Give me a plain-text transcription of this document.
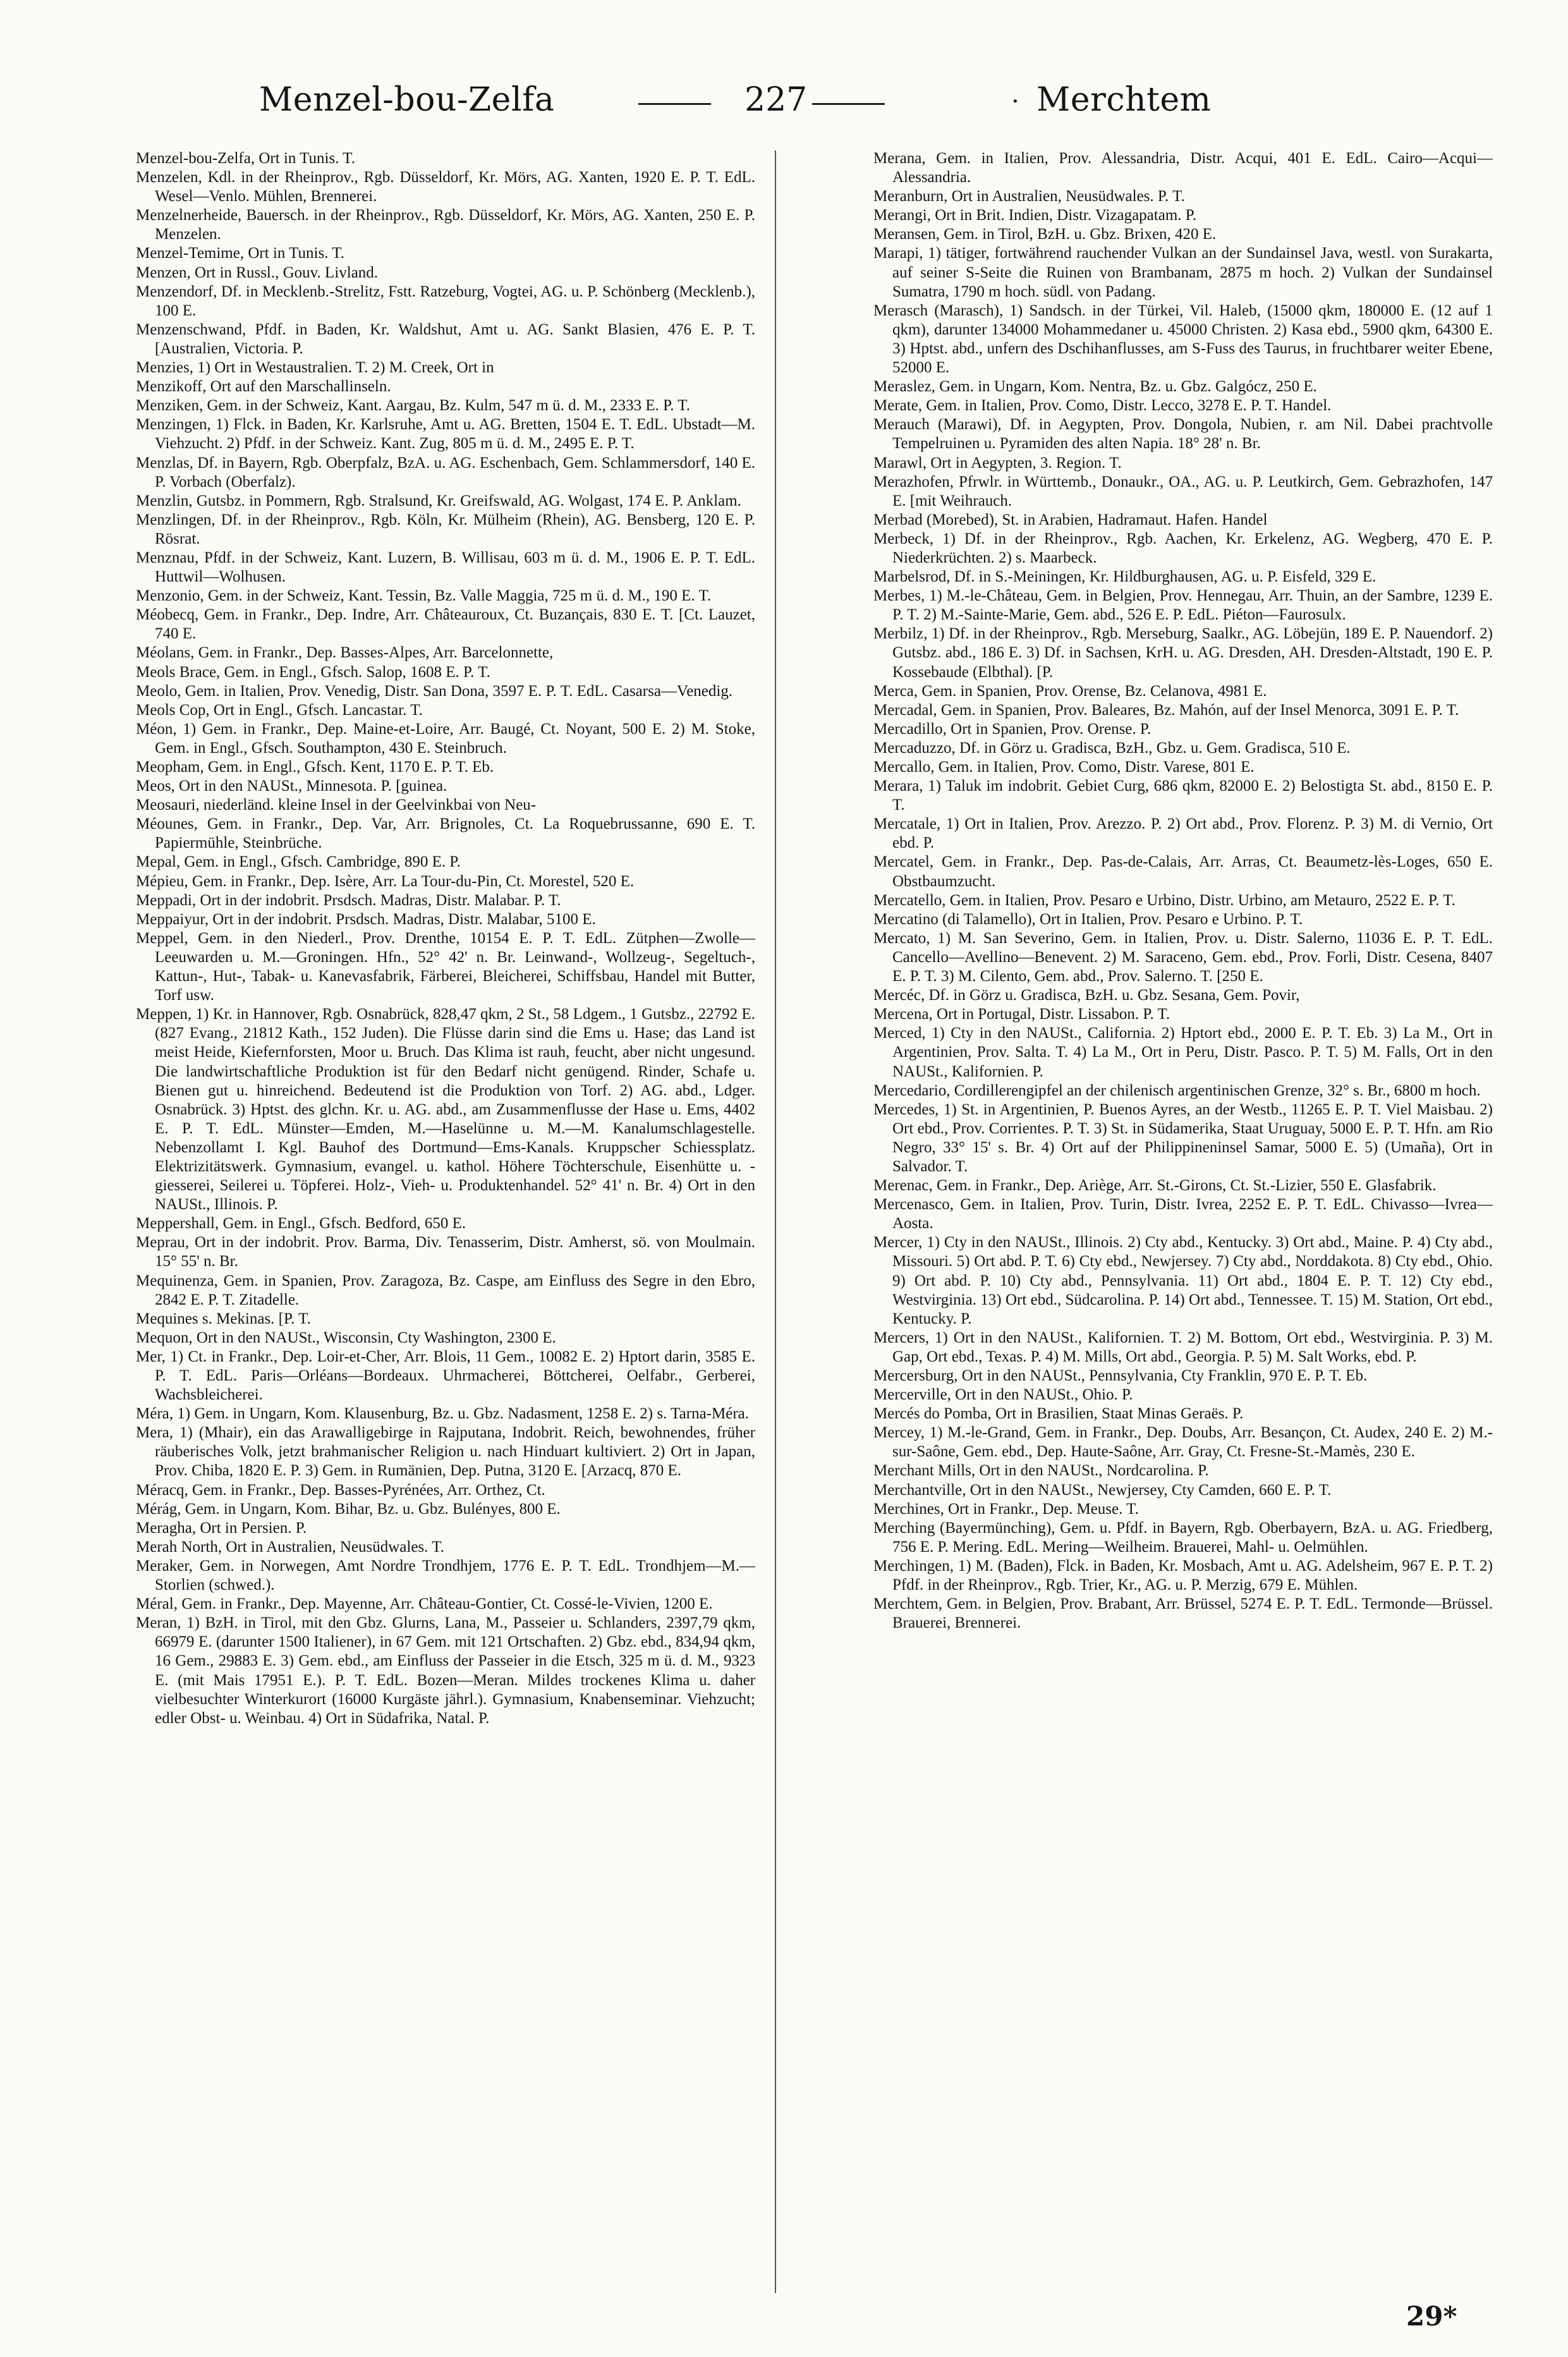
Menzel-bou-Zelfa	227	· Merchtem

Menzel-bou-Zelfa, Ort in Tunis. T.

Menzelen, Kdl. in der Rheinprov., Rgb. Düsseldorf, Kr. Mörs, AG. Xanten, 1920 E. P. T. EdL. Wesel—Venlo. Mühlen, Brennerei.

Menzelnerheide, Bauersch. in der Rheinprov., Rgb. Düsseldorf, Kr. Mörs, AG. Xanten, 250 E. P. Menzelen.

Menzel-Temime, Ort in Tunis. T.

Menzen, Ort in Russl., Gouv. Livland.

Menzendorf, Df. in Mecklenb.-Strelitz, Fstt. Ratzeburg, Vogtei, AG. u. P. Schönberg (Mecklenb.), 100 E.

Menzenschwand, Pfdf. in Baden, Kr. Waldshut, Amt u. AG. Sankt Blasien, 476 E. P. T. [Australien, Victoria. P.

Menzies, 1) Ort in Westaustralien. T. 2) M. Creek, Ort in

Menzikoff, Ort auf den Marschallinseln.

Menziken, Gem. in der Schweiz, Kant. Aargau, Bz. Kulm, 547 m ü. d. M., 2333 E. P. T.

Menzingen, 1) Flck. in Baden, Kr. Karlsruhe, Amt u. AG. Bretten, 1504 E. T. EdL. Ubstadt—M. Viehzucht. 2) Pfdf. in der Schweiz. Kant. Zug, 805 m ü. d. M., 2495 E. P. T.

Menzlas, Df. in Bayern, Rgb. Oberpfalz, BzA. u. AG. Eschenbach, Gem. Schlammersdorf, 140 E. P. Vorbach (Oberfalz).

Menzlin, Gutsbz. in Pommern, Rgb. Stralsund, Kr. Greifswald, AG. Wolgast, 174 E. P. Anklam.

Menzlingen, Df. in der Rheinprov., Rgb. Köln, Kr. Mülheim (Rhein), AG. Bensberg, 120 E. P. Rösrat.

Menznau, Pfdf. in der Schweiz, Kant. Luzern, B. Willisau, 603 m ü. d. M., 1906 E. P. T. EdL. Huttwil—Wolhusen.

Menzonio, Gem. in der Schweiz, Kant. Tessin, Bz. Valle Maggia, 725 m ü. d. M., 190 E. T.

Méobecq, Gem. in Frankr., Dep. Indre, Arr. Châteauroux, Ct. Buzançais, 830 E. T. [Ct. Lauzet, 740 E.

Méolans, Gem. in Frankr., Dep. Basses-Alpes, Arr. Barcelonnette,

Meols Brace, Gem. in Engl., Gfsch. Salop, 1608 E. P. T.

Meolo, Gem. in Italien, Prov. Venedig, Distr. San Dona, 3597 E. P. T. EdL. Casarsa—Venedig.

Meols Cop, Ort in Engl., Gfsch. Lancastar. T.

Méon, 1) Gem. in Frankr., Dep. Maine-et-Loire, Arr. Baugé, Ct. Noyant, 500 E. 2) M. Stoke, Gem. in Engl., Gfsch. Southampton, 430 E. Steinbruch.

Meopham, Gem. in Engl., Gfsch. Kent, 1170 E. P. T. Eb.

Meos, Ort in den NAUSt., Minnesota. P. [guinea.

Meosauri, niederländ. kleine Insel in der Geelvinkbai von Neu-

Méounes, Gem. in Frankr., Dep. Var, Arr. Brignoles, Ct. La Roquebrussanne, 690 E. T. Papiermühle, Steinbrüche.

Mepal, Gem. in Engl., Gfsch. Cambridge, 890 E. P.

Mépieu, Gem. in Frankr., Dep. Isère, Arr. La Tour-du-Pin, Ct. Morestel, 520 E.

Meppadi, Ort in der indobrit. Prsdsch. Madras, Distr. Malabar. P. T.

Meppaiyur, Ort in der indobrit. Prsdsch. Madras, Distr. Malabar, 5100 E.

Meppel, Gem. in den Niederl., Prov. Drenthe, 10154 E. P. T. EdL. Zütphen—Zwolle—Leeuwarden u. M.—Groningen. Hfn., 52° 42' n. Br. Leinwand-, Wollzeug-, Segeltuch-, Kattun-, Hut-, Tabak- u. Kanevasfabrik, Färberei, Bleicherei, Schiffsbau, Handel mit Butter, Torf usw.

Meppen, 1) Kr. in Hannover, Rgb. Osnabrück, 828,47 qkm, 2 St., 58 Ldgem., 1 Gutsbz., 22792 E. (827 Evang., 21812 Kath., 152 Juden). Die Flüsse darin sind die Ems u. Hase; das Land ist meist Heide, Kiefernforsten, Moor u. Bruch. Das Klima ist rauh, feucht, aber nicht ungesund. Die landwirtschaftliche Produktion ist für den Bedarf nicht genügend. Rinder, Schafe u. Bienen gut u. hinreichend. Bedeutend ist die Produktion von Torf. 2) AG. abd., Ldger. Osnabrück. 3) Hptst. des glchn. Kr. u. AG. abd., am Zusammenflusse der Hase u. Ems, 4402 E. P. T. EdL. Münster—Emden, M.—Haselünne u. M.—M. Kanalumschlagestelle. Nebenzollamt I. Kgl. Bauhof des Dortmund—Ems-Kanals. Kruppscher Schiessplatz. Elektrizitätswerk. Gymnasium, evangel. u. kathol. Höhere Töchterschule, Eisenhütte u. -giesserei, Seilerei u. Töpferei. Holz-, Vieh- u. Produktenhandel. 52° 41' n. Br. 4) Ort in den NAUSt., Illinois. P.

Meppershall, Gem. in Engl., Gfsch. Bedford, 650 E.

Meprau, Ort in der indobrit. Prov. Barma, Div. Tenasserim, Distr. Amherst, sö. von Moulmain. 15° 55' n. Br.

Mequinenza, Gem. in Spanien, Prov. Zaragoza, Bz. Caspe, am Einfluss des Segre in den Ebro, 2842 E. P. T. Zitadelle.

Mequines s. Mekinas. [P. T.

Mequon, Ort in den NAUSt., Wisconsin, Cty Washington, 2300 E.

Mer, 1) Ct. in Frankr., Dep. Loir-et-Cher, Arr. Blois, 11 Gem., 10082 E. 2) Hptort darin, 3585 E. P. T. EdL. Paris—Orléans—Bordeaux. Uhrmacherei, Böttcherei, Oelfabr., Gerberei, Wachsbleicherei.

Méra, 1) Gem. in Ungarn, Kom. Klausenburg, Bz. u. Gbz. Nadasment, 1258 E. 2) s. Tarna-Méra.

Mera, 1) (Mhair), ein das Arawalligebirge in Rajputana, Indobrit. Reich, bewohnendes, früher räuberisches Volk, jetzt brahmanischer Religion u. nach Hinduart kultiviert. 2) Ort in Japan, Prov. Chiba, 1820 E. P. 3) Gem. in Rumänien, Dep. Putna, 3120 E. [Arzacq, 870 E.

Méracq, Gem. in Frankr., Dep. Basses-Pyrénées, Arr. Orthez, Ct.

Mérág, Gem. in Ungarn, Kom. Bihar, Bz. u. Gbz. Bulényes, 800 E.

Meragha, Ort in Persien. P.

Merah North, Ort in Australien, Neusüdwales. T.

Meraker, Gem. in Norwegen, Amt Nordre Trondhjem, 1776 E. P. T. EdL. Trondhjem—M.—Storlien (schwed.).

Méral, Gem. in Frankr., Dep. Mayenne, Arr. Château-Gontier, Ct. Cossé-le-Vivien, 1200 E.

Meran, 1) BzH. in Tirol, mit den Gbz. Glurns, Lana, M., Passeier u. Schlanders, 2397,79 qkm, 66979 E. (darunter 1500 Italiener), in 67 Gem. mit 121 Ortschaften. 2) Gbz. ebd., 834,94 qkm, 16 Gem., 29883 E. 3) Gem. ebd., am Einfluss der Passeier in die Etsch, 325 m ü. d. M., 9323 E. (mit Mais 17951 E.). P. T. EdL. Bozen—Meran. Mildes trockenes Klima u. daher vielbesuchter Winterkurort (16000 Kurgäste jährl.). Gymnasium, Knabenseminar. Viehzucht; edler Obst- u. Weinbau. 4) Ort in Südafrika, Natal. P.

Merana, Gem. in Italien, Prov. Alessandria, Distr. Acqui, 401 E. EdL. Cairo—Acqui—Alessandria.

Meranburn, Ort in Australien, Neusüdwales. P. T.

Merangi, Ort in Brit. Indien, Distr. Vizagapatam. P.

Meransen, Gem. in Tirol, BzH. u. Gbz. Brixen, 420 E.

Marapi, 1) tätiger, fortwährend rauchender Vulkan an der Sundainsel Java, westl. von Surakarta, auf seiner S-Seite die Ruinen von Brambanam, 2875 m hoch. 2) Vulkan der Sundainsel Sumatra, 1790 m hoch. südl. von Padang.

Merasch (Marasch), 1) Sandsch. in der Türkei, Vil. Haleb, (15000 qkm, 180000 E. (12 auf 1 qkm), darunter 134000 Mohammedaner u. 45000 Christen. 2) Kasa ebd., 5900 qkm, 64300 E. 3) Hptst. abd., unfern des Dschihanflusses, am S-Fuss des Taurus, in fruchtbarer weiter Ebene, 52000 E.

Meraslez, Gem. in Ungarn, Kom. Nentra, Bz. u. Gbz. Galgócz, 250 E.

Merate, Gem. in Italien, Prov. Como, Distr. Lecco, 3278 E. P. T. Handel.

Merauch (Marawi), Df. in Aegypten, Prov. Dongola, Nubien, r. am Nil. Dabei prachtvolle Tempelruinen u. Pyramiden des alten Napia. 18° 28' n. Br.

Marawl, Ort in Aegypten, 3. Region. T.

Merazhofen, Pfrwlr. in Württemb., Donaukr., OA., AG. u. P. Leutkirch, Gem. Gebrazhofen, 147 E. [mit Weihrauch.

Merbad (Morebed), St. in Arabien, Hadramaut. Hafen. Handel

Merbeck, 1) Df. in der Rheinprov., Rgb. Aachen, Kr. Erkelenz, AG. Wegberg, 470 E. P. Niederkrüchten. 2) s. Maarbeck.

Marbelsrod, Df. in S.-Meiningen, Kr. Hildburghausen, AG. u. P. Eisfeld, 329 E.

Merbes, 1) M.-le-Château, Gem. in Belgien, Prov. Hennegau, Arr. Thuin, an der Sambre, 1239 E. P. T. 2) M.-Sainte-Marie, Gem. abd., 526 E. P. EdL. Piéton—Faurosulx.

Merbilz, 1) Df. in der Rheinprov., Rgb. Merseburg, Saalkr., AG. Löbejün, 189 E. P. Nauendorf. 2) Gutsbz. abd., 186 E. 3) Df. in Sachsen, KrH. u. AG. Dresden, AH. Dresden-Altstadt, 190 E. P. Kossebaude (Elbthal). [P.

Merca, Gem. in Spanien, Prov. Orense, Bz. Celanova, 4981 E.

Mercadal, Gem. in Spanien, Prov. Baleares, Bz. Mahón, auf der Insel Menorca, 3091 E. P. T.

Mercadillo, Ort in Spanien, Prov. Orense. P.

Mercaduzzo, Df. in Görz u. Gradisca, BzH., Gbz. u. Gem. Gradisca, 510 E.

Mercallo, Gem. in Italien, Prov. Como, Distr. Varese, 801 E.

Merara, 1) Taluk im indobrit. Gebiet Curg, 686 qkm, 82000 E. 2) Belostigta St. abd., 8150 E. P. T.

Mercatale, 1) Ort in Italien, Prov. Arezzo. P. 2) Ort abd., Prov. Florenz. P. 3) M. di Vernio, Ort ebd. P.

Mercatel, Gem. in Frankr., Dep. Pas-de-Calais, Arr. Arras, Ct. Beaumetz-lès-Loges, 650 E. Obstbaumzucht.

Mercatello, Gem. in Italien, Prov. Pesaro e Urbino, Distr. Urbino, am Metauro, 2522 E. P. T.

Mercatino (di Talamello), Ort in Italien, Prov. Pesaro e Urbino. P. T.

Mercato, 1) M. San Severino, Gem. in Italien, Prov. u. Distr. Salerno, 11036 E. P. T. EdL. Cancello—Avellino—Benevent. 2) M. Saraceno, Gem. ebd., Prov. Forli, Distr. Cesena, 8407 E. P. T. 3) M. Cilento, Gem. abd., Prov. Salerno. T. [250 E.

Mercéc, Df. in Görz u. Gradisca, BzH. u. Gbz. Sesana, Gem. Povir,

Mercena, Ort in Portugal, Distr. Lissabon. P. T.

Merced, 1) Cty in den NAUSt., California. 2) Hptort ebd., 2000 E. P. T. Eb. 3) La M., Ort in Argentinien, Prov. Salta. T. 4) La M., Ort in Peru, Distr. Pasco. P. T. 5) M. Falls, Ort in den NAUSt., Kalifornien. P.

Mercedario, Cordillerengipfel an der chilenisch argentinischen Grenze, 32° s. Br., 6800 m hoch.

Mercedes, 1) St. in Argentinien, P. Buenos Ayres, an der Westb., 11265 E. P. T. Viel Maisbau. 2) Ort ebd., Prov. Corrientes. P. T. 3) St. in Südamerika, Staat Uruguay, 5000 E. P. T. Hfn. am Rio Negro, 33° 15' s. Br. 4) Ort auf der Philippineninsel Samar, 5000 E. 5) (Umaña), Ort in Salvador. T.

Merenac, Gem. in Frankr., Dep. Ariège, Arr. St.-Girons, Ct. St.-Lizier, 550 E. Glasfabrik.

Mercenasco, Gem. in Italien, Prov. Turin, Distr. Ivrea, 2252 E. P. T. EdL. Chivasso—Ivrea—Aosta.

Mercer, 1) Cty in den NAUSt., Illinois. 2) Cty abd., Kentucky. 3) Ort abd., Maine. P. 4) Cty abd., Missouri. 5) Ort abd. P. T. 6) Cty ebd., Newjersey. 7) Cty abd., Norddakota. 8) Cty ebd., Ohio. 9) Ort abd. P. 10) Cty abd., Pennsylvania. 11) Ort abd., 1804 E. P. T. 12) Cty ebd., Westvirginia. 13) Ort ebd., Südcarolina. P. 14) Ort abd., Tennessee. T. 15) M. Station, Ort ebd., Kentucky. P.

Mercers, 1) Ort in den NAUSt., Kalifornien. T. 2) M. Bottom, Ort ebd., Westvirginia. P. 3) M. Gap, Ort ebd., Texas. P. 4) M. Mills, Ort abd., Georgia. P. 5) M. Salt Works, ebd. P.

Mercersburg, Ort in den NAUSt., Pennsylvania, Cty Franklin, 970 E. P. T. Eb.

Mercerville, Ort in den NAUSt., Ohio. P.

Mercés do Pomba, Ort in Brasilien, Staat Minas Geraës. P.

Mercey, 1) M.-le-Grand, Gem. in Frankr., Dep. Doubs, Arr. Besançon, Ct. Audex, 240 E. 2) M.-sur-Saône, Gem. ebd., Dep. Haute-Saône, Arr. Gray, Ct. Fresne-St.-Mamès, 230 E.

Merchant Mills, Ort in den NAUSt., Nordcarolina. P.

Merchantville, Ort in den NAUSt., Newjersey, Cty Camden, 660 E. P. T.

Merchines, Ort in Frankr., Dep. Meuse. T.

Merching (Bayermünching), Gem. u. Pfdf. in Bayern, Rgb. Oberbayern, BzA. u. AG. Friedberg, 756 E. P. Mering. EdL. Mering—Weilheim. Brauerei, Mahl- u. Oelmühlen.

Merchingen, 1) M. (Baden), Flck. in Baden, Kr. Mosbach, Amt u. AG. Adelsheim, 967 E. P. T. 2) Pfdf. in der Rheinprov., Rgb. Trier, Kr., AG. u. P. Merzig, 679 E. Mühlen.

Merchtem, Gem. in Belgien, Prov. Brabant, Arr. Brüssel, 5274 E. P. T. EdL. Termonde—Brüssel. Brauerei, Brennerei.

29*
